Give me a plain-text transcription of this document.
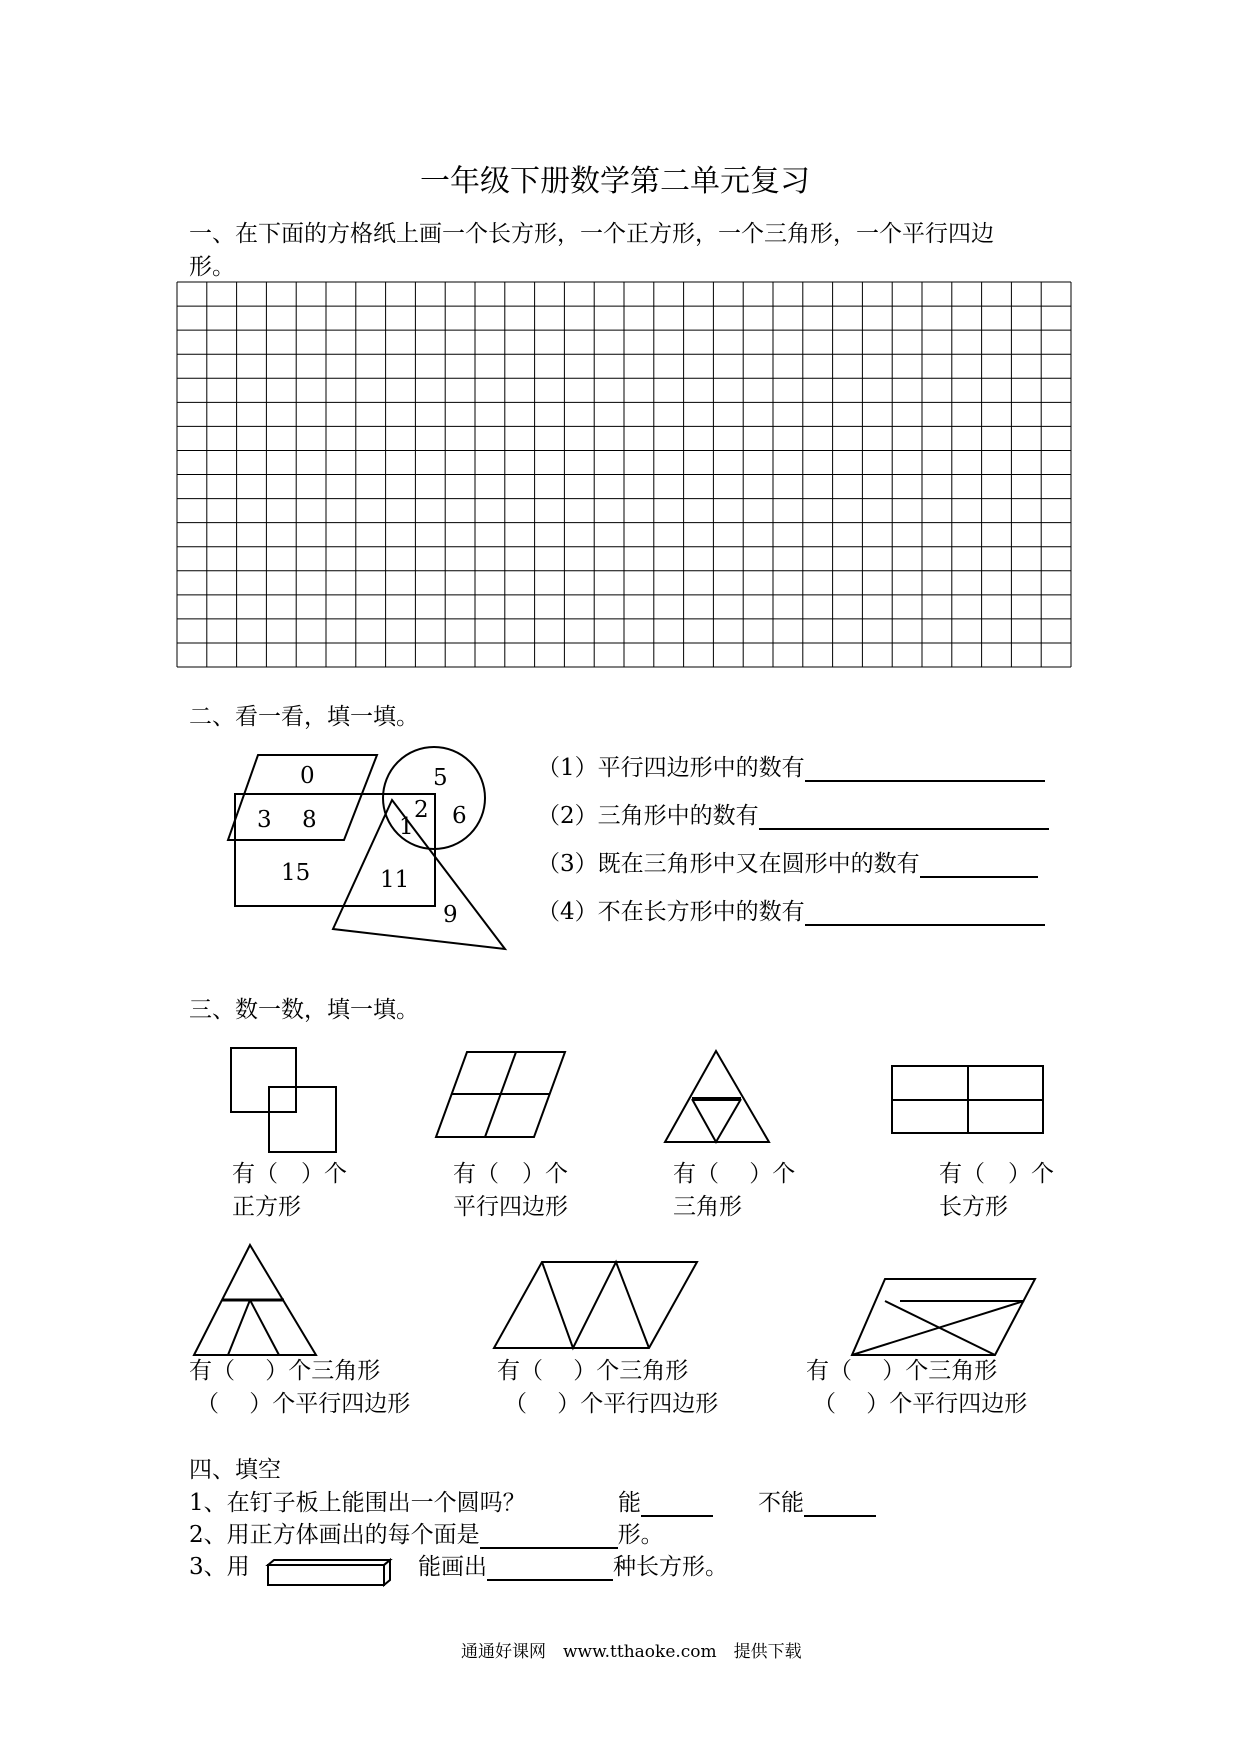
一年级下册数学第二单元复习
一、在下面的方格纸上画一个长方形，一个正方形，一个三角形，一个平行四边
形。
二、看一看，填一填。
0	5
3 8	2 6
1
15	11
9
（1）平行四边形中的数有
（2）三角形中的数有
（3）既在三角形中又在圆形中的数有
（4）不在长方形中的数有
三、数一数，填一填。
有（　）个
正方形
有（　）个
平行四边形
有（　 ）个
三角形
有（　）个
长方形
有（　 ）个三角形
（　 ）个平行四边形
有（　 ）个三角形
（　 ）个平行四边形
有（　 ）个三角形
（　 ）个平行四边形
四、填空
1、在钉子板上能围出一个圆吗？	能	不能
2、用正方体画出的每个面是	形。
3、用	能画出	种长方形。
通通好课网　www.tthaoke.com　提供下载
